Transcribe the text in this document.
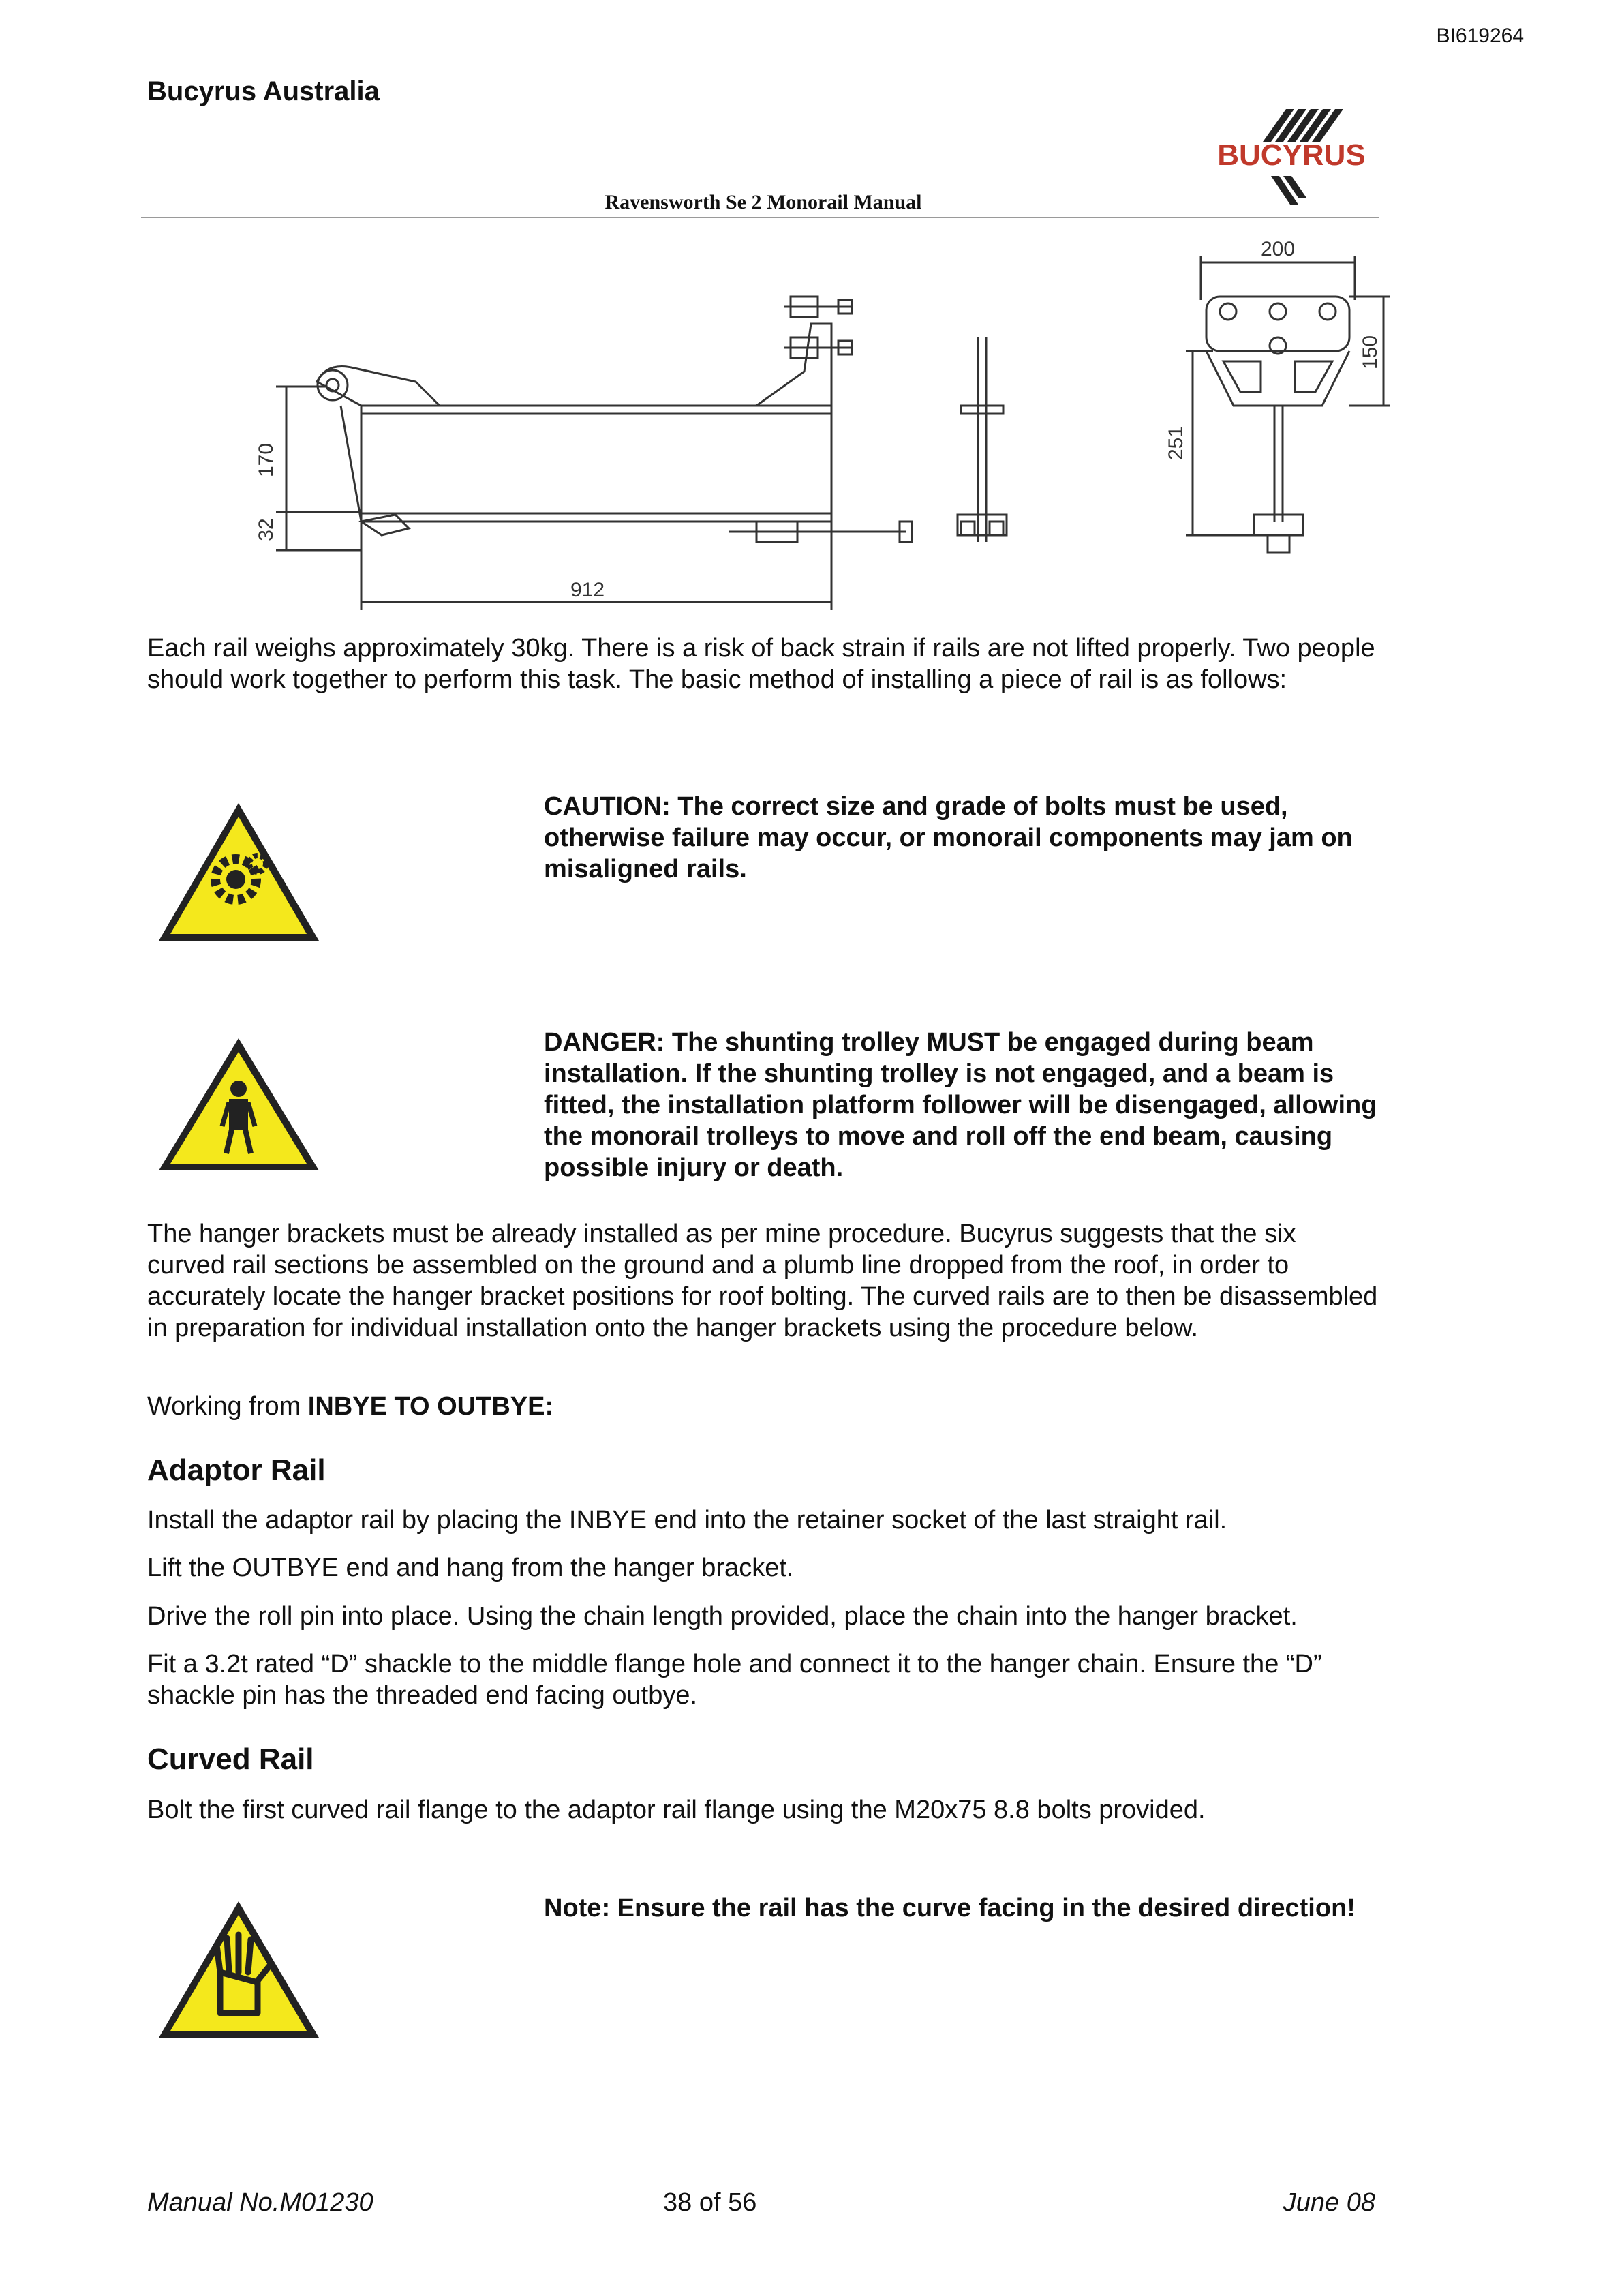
BI619264
Bucyrus Australia
BUCYRUS
Ravensworth Se 2 Monorail Manual
170
32
912
200
150
251
Each rail weighs approximately 30kg. There is a risk of back strain if rails are not lifted properly. Two people should work together to perform this task. The basic method of installing a piece of rail is as follows:
CAUTION: The correct size and grade of bolts must be used, otherwise failure may occur, or monorail components may jam on misaligned rails.
DANGER: The shunting trolley MUST be engaged during beam installation. If the shunting trolley is not engaged, and a beam is fitted, the installation platform follower will be disengaged, allowing the monorail trolleys to move and roll off the end beam, causing possible injury or death.
The hanger brackets must be already installed as per mine procedure. Bucyrus suggests that the six curved rail sections be assembled on the ground and a plumb line dropped from the roof, in order to accurately locate the hanger bracket positions for roof bolting. The curved rails are to then be disassembled in preparation for individual installation onto the hanger brackets using the procedure below.
Working from INBYE TO OUTBYE:
Adaptor Rail
Install the adaptor rail by placing the INBYE end into the retainer socket of the last straight rail.
Lift the OUTBYE end and hang from the hanger bracket.
Drive the roll pin into place. Using the chain length provided, place the chain into the hanger bracket.
Fit a 3.2t rated “D” shackle to the middle flange hole and connect it to the hanger chain. Ensure the “D” shackle pin has the threaded end facing outbye.
Curved Rail
Bolt the first curved rail flange to the adaptor rail flange using the M20x75 8.8 bolts provided.
Note: Ensure the rail has the curve facing in the desired direction!
Manual No.M01230	38 of 56	June 08
